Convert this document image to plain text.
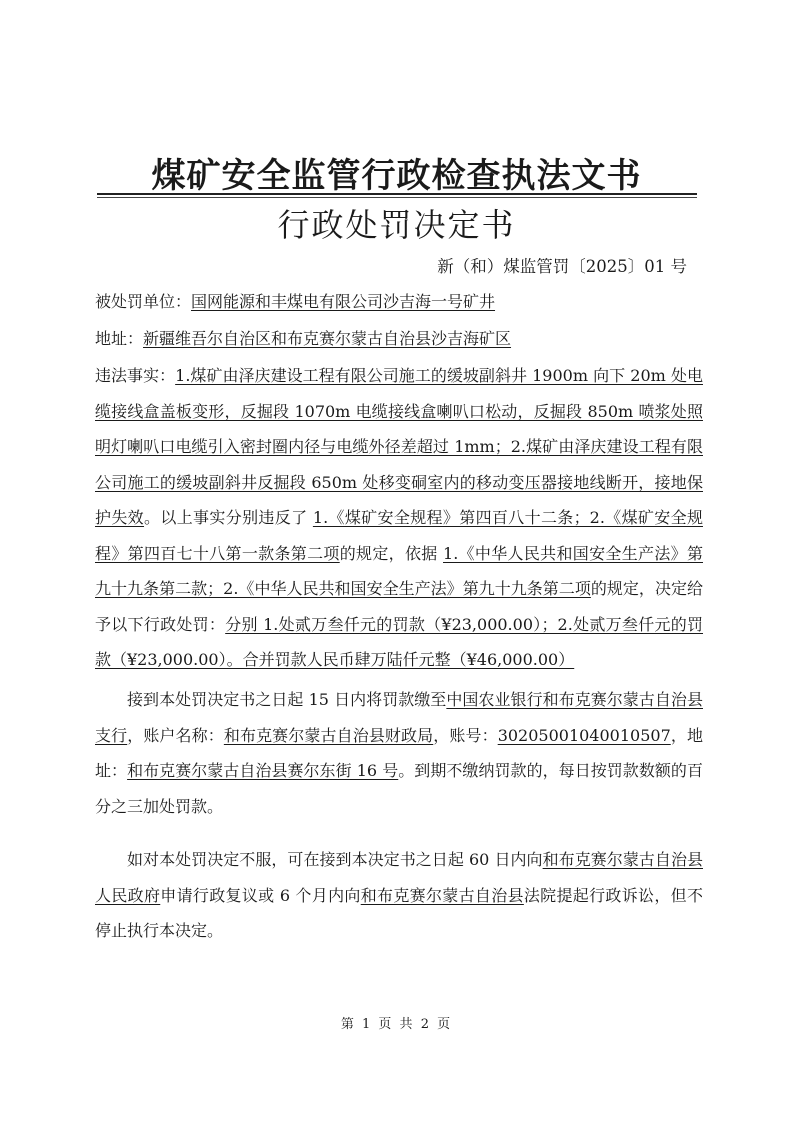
煤矿安全监管行政检查执法文书
行政处罚决定书
新（和）煤监管罚〔2025〕01 号
被处罚单位：国网能源和丰煤电有限公司沙吉海一号矿井
地址：新疆维吾尔自治区和布克赛尔蒙古自治县沙吉海矿区
违法事实：1.煤矿由泽庆建设工程有限公司施工的缓坡副斜井 1900m 向下 20m 处电缆接线盒盖板变形，反掘段 1070m 电缆接线盒喇叭口松动，反掘段 850m 喷浆处照明灯喇叭口电缆引入密封圈内径与电缆外径差超过 1mm；2.煤矿由泽庆建设工程有限公司施工的缓坡副斜井反掘段 650m 处移变硐室内的移动变压器接地线断开，接地保护失效。以上事实分别违反了 1.《煤矿安全规程》第四百八十二条；2.《煤矿安全规程》第四百七十八第一款条第二项的规定，依据 1.《中华人民共和国安全生产法》第九十九条第二款；2.《中华人民共和国安全生产法》第九十九条第二项的规定，决定给予以下行政处罚：分别 1.处贰万叁仟元的罚款（¥23,000.00）；2.处贰万叁仟元的罚款（¥23,000.00）。合并罚款人民币肆万陆仟元整（¥46,000.00）
接到本处罚决定书之日起 15 日内将罚款缴至中国农业银行和布克赛尔蒙古自治县支行，账户名称：和布克赛尔蒙古自治县财政局，账号：30205001040010507，地址：和布克赛尔蒙古自治县赛尔东街 16 号。到期不缴纳罚款的，每日按罚款数额的百分之三加处罚款。
如对本处罚决定不服，可在接到本决定书之日起 60 日内向和布克赛尔蒙古自治县人民政府申请行政复议或 6 个月内向和布克赛尔蒙古自治县法院提起行政诉讼，但不停止执行本决定。
第 1 页 共 2 页
